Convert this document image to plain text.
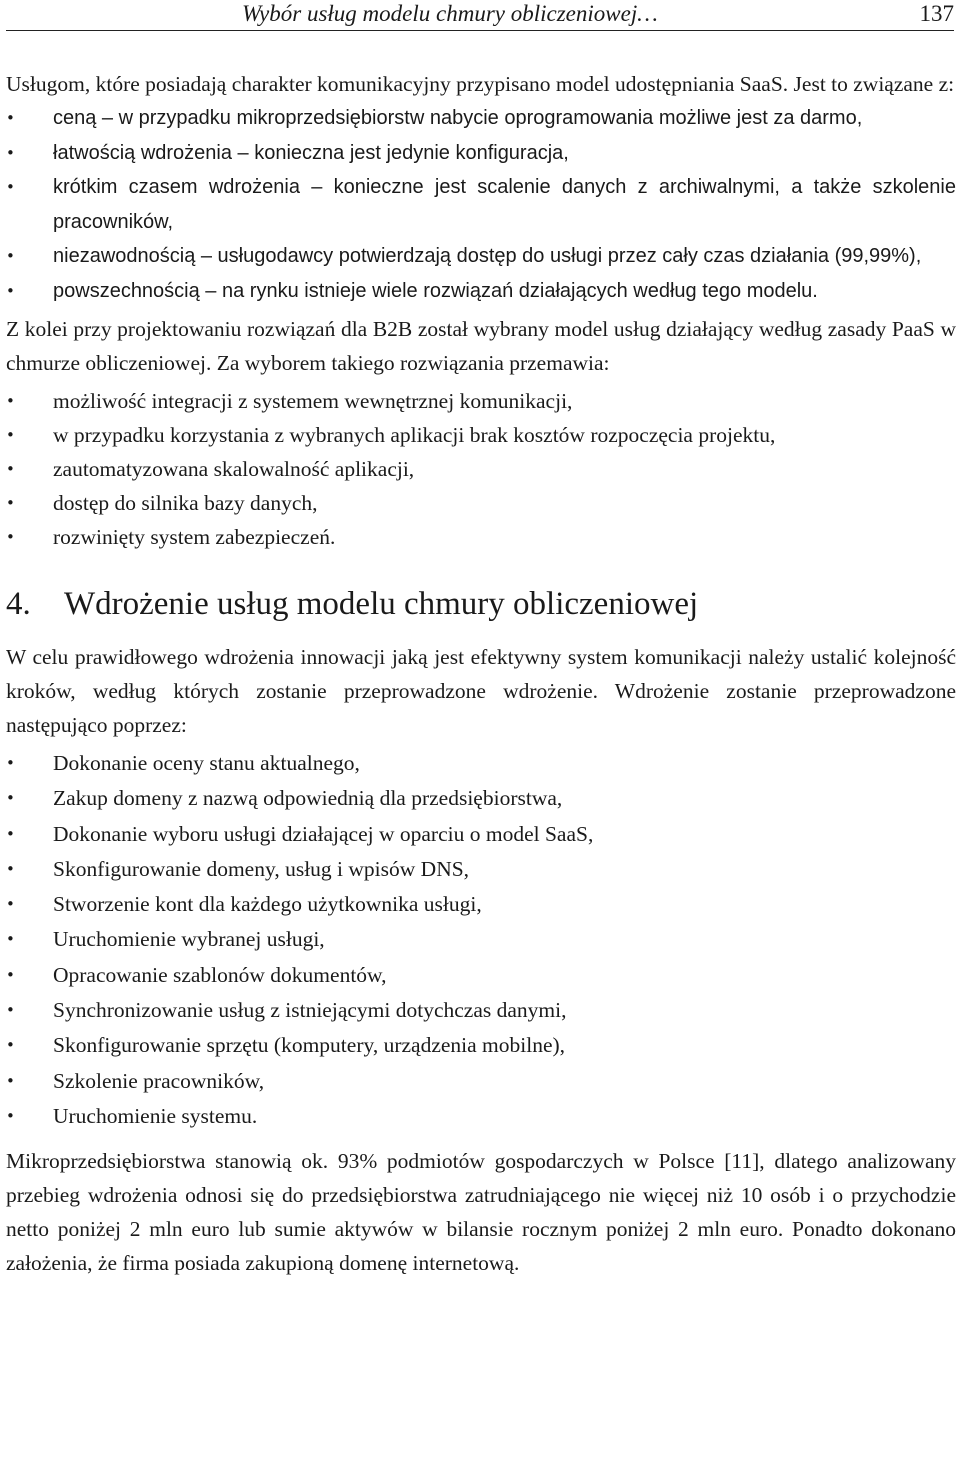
Wybór usług modelu chmury obliczeniowej…	137

Usługom, które posiadają charakter komunikacyjny przypisano model udostępniania SaaS. Jest to związane z:

• ceną – w przypadku mikroprzedsiębiorstw nabycie oprogramowania możliwe jest za darmo,
• łatwością wdrożenia – konieczna jest jedynie konfiguracja,
• krótkim czasem wdrożenia – konieczne jest scalenie danych z archiwalnymi, a także szkolenie pracowników,
• niezawodnością – usługodawcy potwierdzają dostęp do usługi przez cały czas działania (99,99%),
• powszechnością – na rynku istnieje wiele rozwiązań działających według tego modelu.

Z kolei przy projektowaniu rozwiązań dla B2B został wybrany model usług działający według zasady PaaS w chmurze obliczeniowej. Za wyborem takiego rozwiązania przemawia:

• możliwość integracji z systemem wewnętrznej komunikacji,
• w przypadku korzystania z wybranych aplikacji brak kosztów rozpoczęcia projektu,
• zautomatyzowana skalowalność aplikacji,
• dostęp do silnika bazy danych,
• rozwinięty system zabezpieczeń.
4. Wdrożenie usług modelu chmury obliczeniowej

W celu prawidłowego wdrożenia innowacji jaką jest efektywny system komunikacji należy ustalić kolejność kroków, według których zostanie przeprowadzone wdrożenie. Wdrożenie zostanie przeprowadzone następująco poprzez:

• Dokonanie oceny stanu aktualnego,
• Zakup domeny z nazwą odpowiednią dla przedsiębiorstwa,
• Dokonanie wyboru usługi działającej w oparciu o model SaaS,
• Skonfigurowanie domeny, usług i wpisów DNS,
• Stworzenie kont dla każdego użytkownika usługi,
• Uruchomienie wybranej usługi,
• Opracowanie szablonów dokumentów,
• Synchronizowanie usług z istniejącymi dotychczas danymi,
• Skonfigurowanie sprzętu (komputery, urządzenia mobilne),
• Szkolenie pracowników,
• Uruchomienie systemu.

Mikroprzedsiębiorstwa stanowią ok. 93% podmiotów gospodarczych w Polsce [11], dlatego analizowany przebieg wdrożenia odnosi się do przedsiębiorstwa zatrudniającego nie więcej niż 10 osób i o przychodzie netto poniżej 2 mln euro lub sumie aktywów w bilansie rocznym poniżej 2 mln euro. Ponadto dokonano założenia, że firma posiada zakupioną domenę internetową.
